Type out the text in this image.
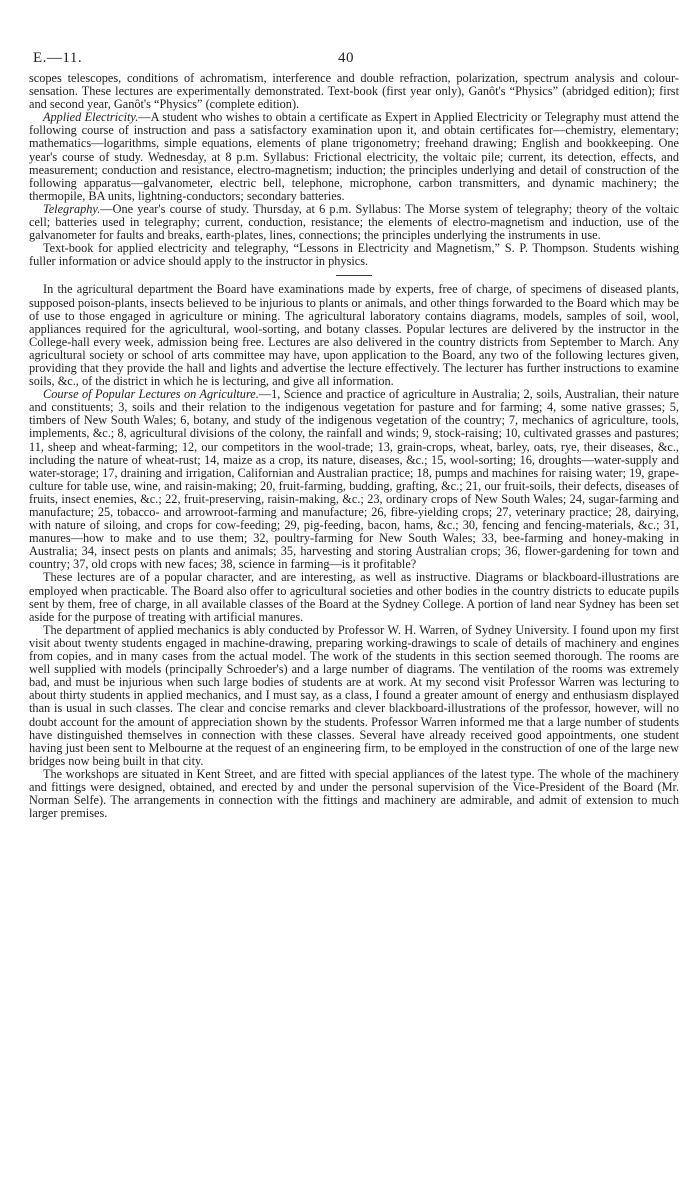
E.—11.	40

scopes telescopes, conditions of achromatism, interference and double refraction, polarization, spectrum analysis and colour-sensation. These lectures are experimentally demonstrated. Text-book (first year only), Ganôt's “Physics” (abridged edition); first and second year, Ganôt's “Physics” (complete edition).

Applied Electricity.—A student who wishes to obtain a certificate as Expert in Applied Electricity or Telegraphy must attend the following course of instruction and pass a satisfactory examination upon it, and obtain certificates for—chemistry, elementary; mathematics—logarithms, simple equations, elements of plane trigonometry; freehand drawing; English and bookkeeping. One year's course of study. Wednesday, at 8 p.m. Syllabus: Frictional electricity, the voltaic pile; current, its detection, effects, and measurement; conduction and resistance, electro-magnetism; induction; the principles underlying and detail of construction of the following apparatus—galvanometer, electric bell, telephone, microphone, carbon transmitters, and dynamic machinery; the thermopile, BA units, lightning-conductors; secondary batteries.

Telegraphy.—One year's course of study. Thursday, at 6 p.m. Syllabus: The Morse system of telegraphy; theory of the voltaic cell; batteries used in telegraphy; current, conduction, resistance; the elements of electro-magnetism and induction, use of the galvanometer for faults and breaks, earth-plates, lines, connections; the principles underlying the instruments in use.

Text-book for applied electricity and telegraphy, “Lessons in Electricity and Magnetism,” S. P. Thompson. Students wishing fuller information or advice should apply to the instructor in physics.

In the agricultural department the Board have examinations made by experts, free of charge, of specimens of diseased plants, supposed poison-plants, insects believed to be injurious to plants or animals, and other things forwarded to the Board which may be of use to those engaged in agriculture or mining. The agricultural laboratory contains diagrams, models, samples of soil, wool, appliances required for the agricultural, wool-sorting, and botany classes. Popular lectures are delivered by the instructor in the College-hall every week, admission being free. Lectures are also delivered in the country districts from September to March. Any agricultural society or school of arts committee may have, upon application to the Board, any two of the following lectures given, providing that they provide the hall and lights and advertise the lecture effectively. The lecturer has further instructions to examine soils, &c., of the district in which he is lecturing, and give all information.

Course of Popular Lectures on Agriculture.—1, Science and practice of agriculture in Australia; 2, soils, Australian, their nature and constituents; 3, soils and their relation to the indigenous vegetation for pasture and for farming; 4, some native grasses; 5, timbers of New South Wales; 6, botany, and study of the indigenous vegetation of the country; 7, mechanics of agriculture, tools, implements, &c.; 8, agricultural divisions of the colony, the rainfall and winds; 9, stock-raising; 10, cultivated grasses and pastures; 11, sheep and wheat-farming; 12, our competitors in the wool-trade; 13, grain-crops, wheat, barley, oats, rye, their diseases, &c., including the nature of wheat-rust; 14, maize as a crop, its nature, diseases, &c.; 15, wool-sorting; 16, droughts—water-supply and water-storage; 17, draining and irrigation, Californian and Australian practice; 18, pumps and machines for raising water; 19, grape-culture for table use, wine, and raisin-making; 20, fruit-farming, budding, grafting, &c.; 21, our fruit-soils, their defects, diseases of fruits, insect enemies, &c.; 22, fruit-preserving, raisin-making, &c.; 23, ordinary crops of New South Wales; 24, sugar-farming and manufacture; 25, tobacco- and arrowroot-farming and manufacture; 26, fibre-yielding crops; 27, veterinary practice; 28, dairying, with nature of siloing, and crops for cow-feeding; 29, pig-feeding, bacon, hams, &c.; 30, fencing and fencing-materials, &c.; 31, manures—how to make and to use them; 32, poultry-farming for New South Wales; 33, bee-farming and honey-making in Australia; 34, insect pests on plants and animals; 35, harvesting and storing Australian crops; 36, flower-gardening for town and country; 37, old crops with new faces; 38, science in farming—is it profitable?

These lectures are of a popular character, and are interesting, as well as instructive. Diagrams or blackboard-illustrations are employed when practicable. The Board also offer to agricultural societies and other bodies in the country districts to educate pupils sent by them, free of charge, in all available classes of the Board at the Sydney College. A portion of land near Sydney has been set aside for the purpose of treating with artificial manures.

The department of applied mechanics is ably conducted by Professor W. H. Warren, of Sydney University. I found upon my first visit about twenty students engaged in machine-drawing, preparing working-drawings to scale of details of machinery and engines from copies, and in many cases from the actual model. The work of the students in this section seemed thorough. The rooms are well supplied with models (principally Schroeder's) and a large number of diagrams. The ventilation of the rooms was extremely bad, and must be injurious when such large bodies of students are at work. At my second visit Professor Warren was lecturing to about thirty students in applied mechanics, and I must say, as a class, I found a greater amount of energy and enthusiasm displayed than is usual in such classes. The clear and concise remarks and clever blackboard-illustrations of the professor, however, will no doubt account for the amount of appreciation shown by the students. Professor Warren informed me that a large number of students have distinguished themselves in connection with these classes. Several have already received good appointments, one student having just been sent to Melbourne at the request of an engineering firm, to be employed in the construction of one of the large new bridges now being built in that city.

The workshops are situated in Kent Street, and are fitted with special appliances of the latest type. The whole of the machinery and fittings were designed, obtained, and erected by and under the personal supervision of the Vice-President of the Board (Mr. Norman Selfe). The arrangements in connection with the fittings and machinery are admirable, and admit of extension to much larger premises.
